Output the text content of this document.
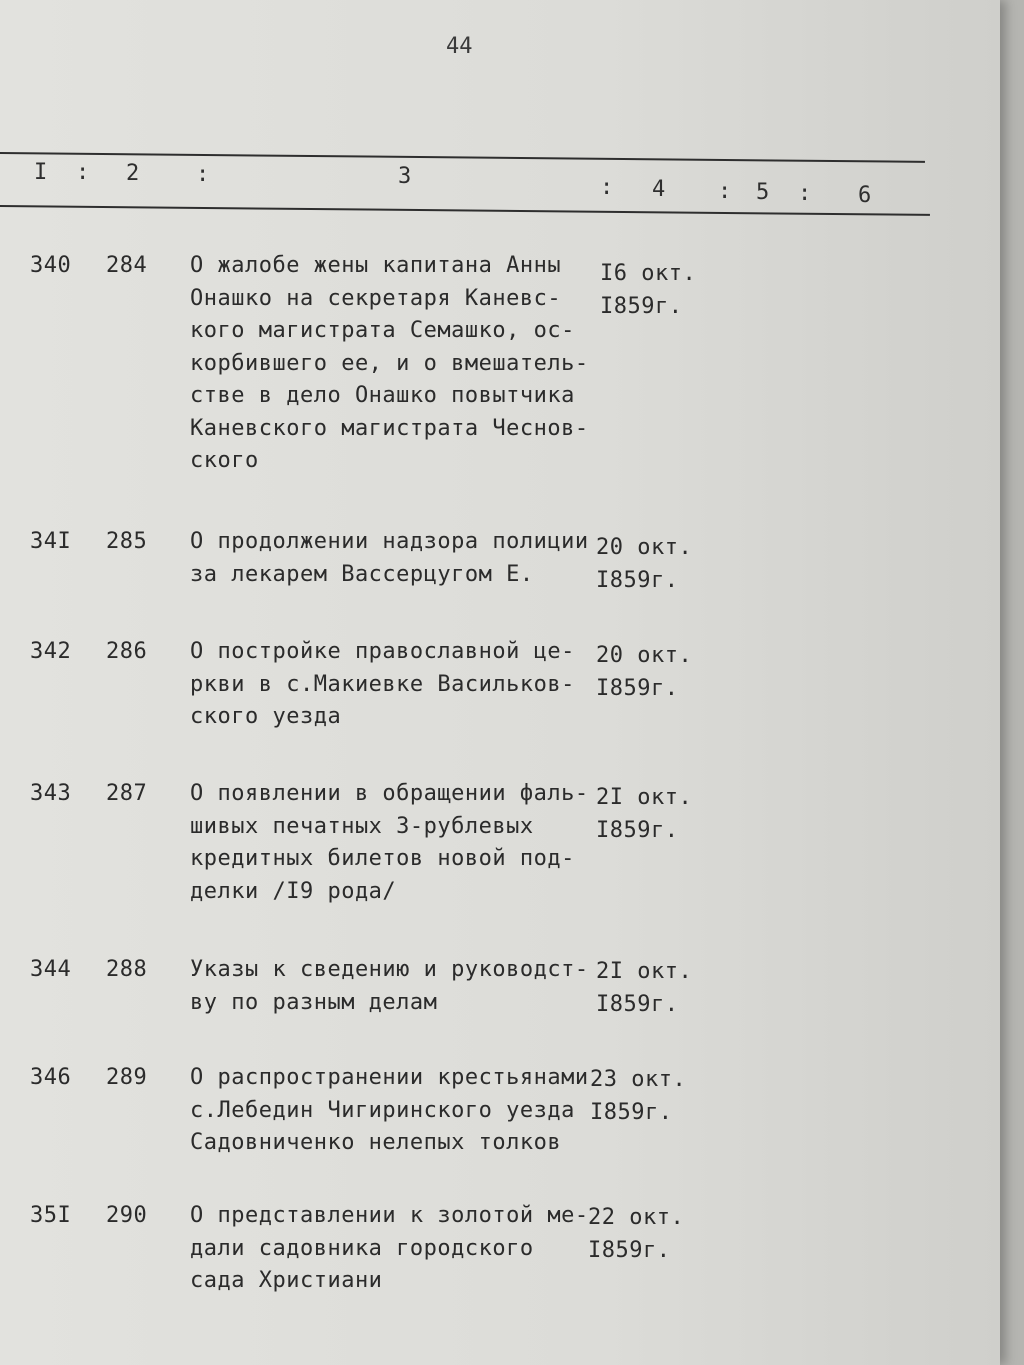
44
I : 2	:	3	: 4 : 5 : 6
340 284 О жалобе жены капитана Анны
Онашко на секретаря Каневс-
кого магистрата Семашко, ос-
корбившего ее, и о вмешатель-
стве в дело Онашко повытчика
Каневского магистрата Чеснов-
ского
I6 окт.
I859г.
34I 285 О продолжении надзора полиции
за лекарем Вассерцугом Е.
20 окт.
I859г.
342 286 О постройке православной це-
ркви в с.Макиевке Васильков-
ского уезда
20 окт.
I859г.
343 287 О появлении в обращении фаль-
шивых печатных 3-рублевых
кредитных билетов новой под-
делки /I9 рода/
2I окт.
I859г.
344 288 Указы к сведению и руководст-
ву по разным делам
2I окт.
I859г.
346 289 О распространении крестьянами
с.Лебедин Чигиринского уезда
Садовниченко нелепых толков
23 окт.
I859г.
35I 290 О представлении к золотой ме-
дали садовника городского
сада Христиани
22 окт.
I859г.
